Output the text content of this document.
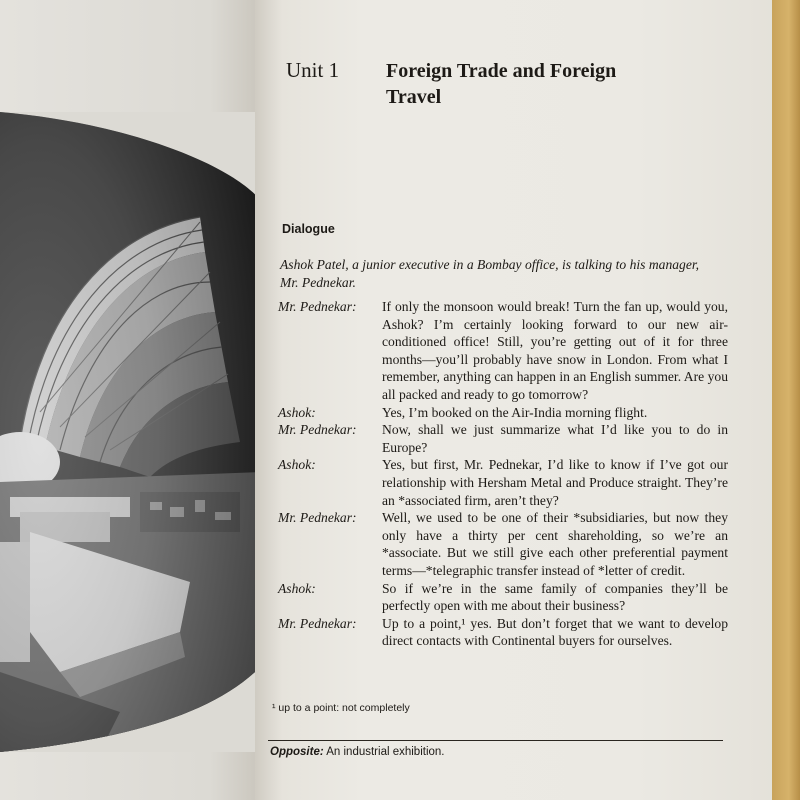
Unit 1 Foreign Trade and Foreign Travel
Dialogue
Ashok Patel, a junior executive in a Bombay office, is talking to his manager, Mr. Pednekar.
Mr. Pednekar: If only the monsoon would break! Turn the fan up, would you, Ashok? I’m certainly looking forward to our new air-conditioned office! Still, you’re getting out of it for three months—you’ll probably have snow in London. From what I remember, anything can happen in an English summer. Are you all packed and ready to go tomorrow?
Ashok:	Yes, I’m booked on the Air-India morning flight.
Mr. Pednekar: Now, shall we just summarize what I’d like you to do in Europe?
Ashok:	Yes, but first, Mr. Pednekar, I’d like to know if I’ve got our relationship with Hersham Metal and Produce straight. They’re an *associated firm, aren’t they?
Mr. Pednekar: Well, we used to be one of their *subsidiaries, but now they only have a thirty per cent shareholding, so we’re an *associate. But we still give each other preferential payment terms—*telegraphic transfer instead of *letter of credit.
Ashok:	So if we’re in the same family of companies they’ll be perfectly open with me about their business?
Mr. Pednekar: Up to a point,¹ yes. But don’t forget that we want to develop direct contacts with Continental buyers for ourselves.
¹ up to a point: not completely
Opposite: An industrial exhibition.
